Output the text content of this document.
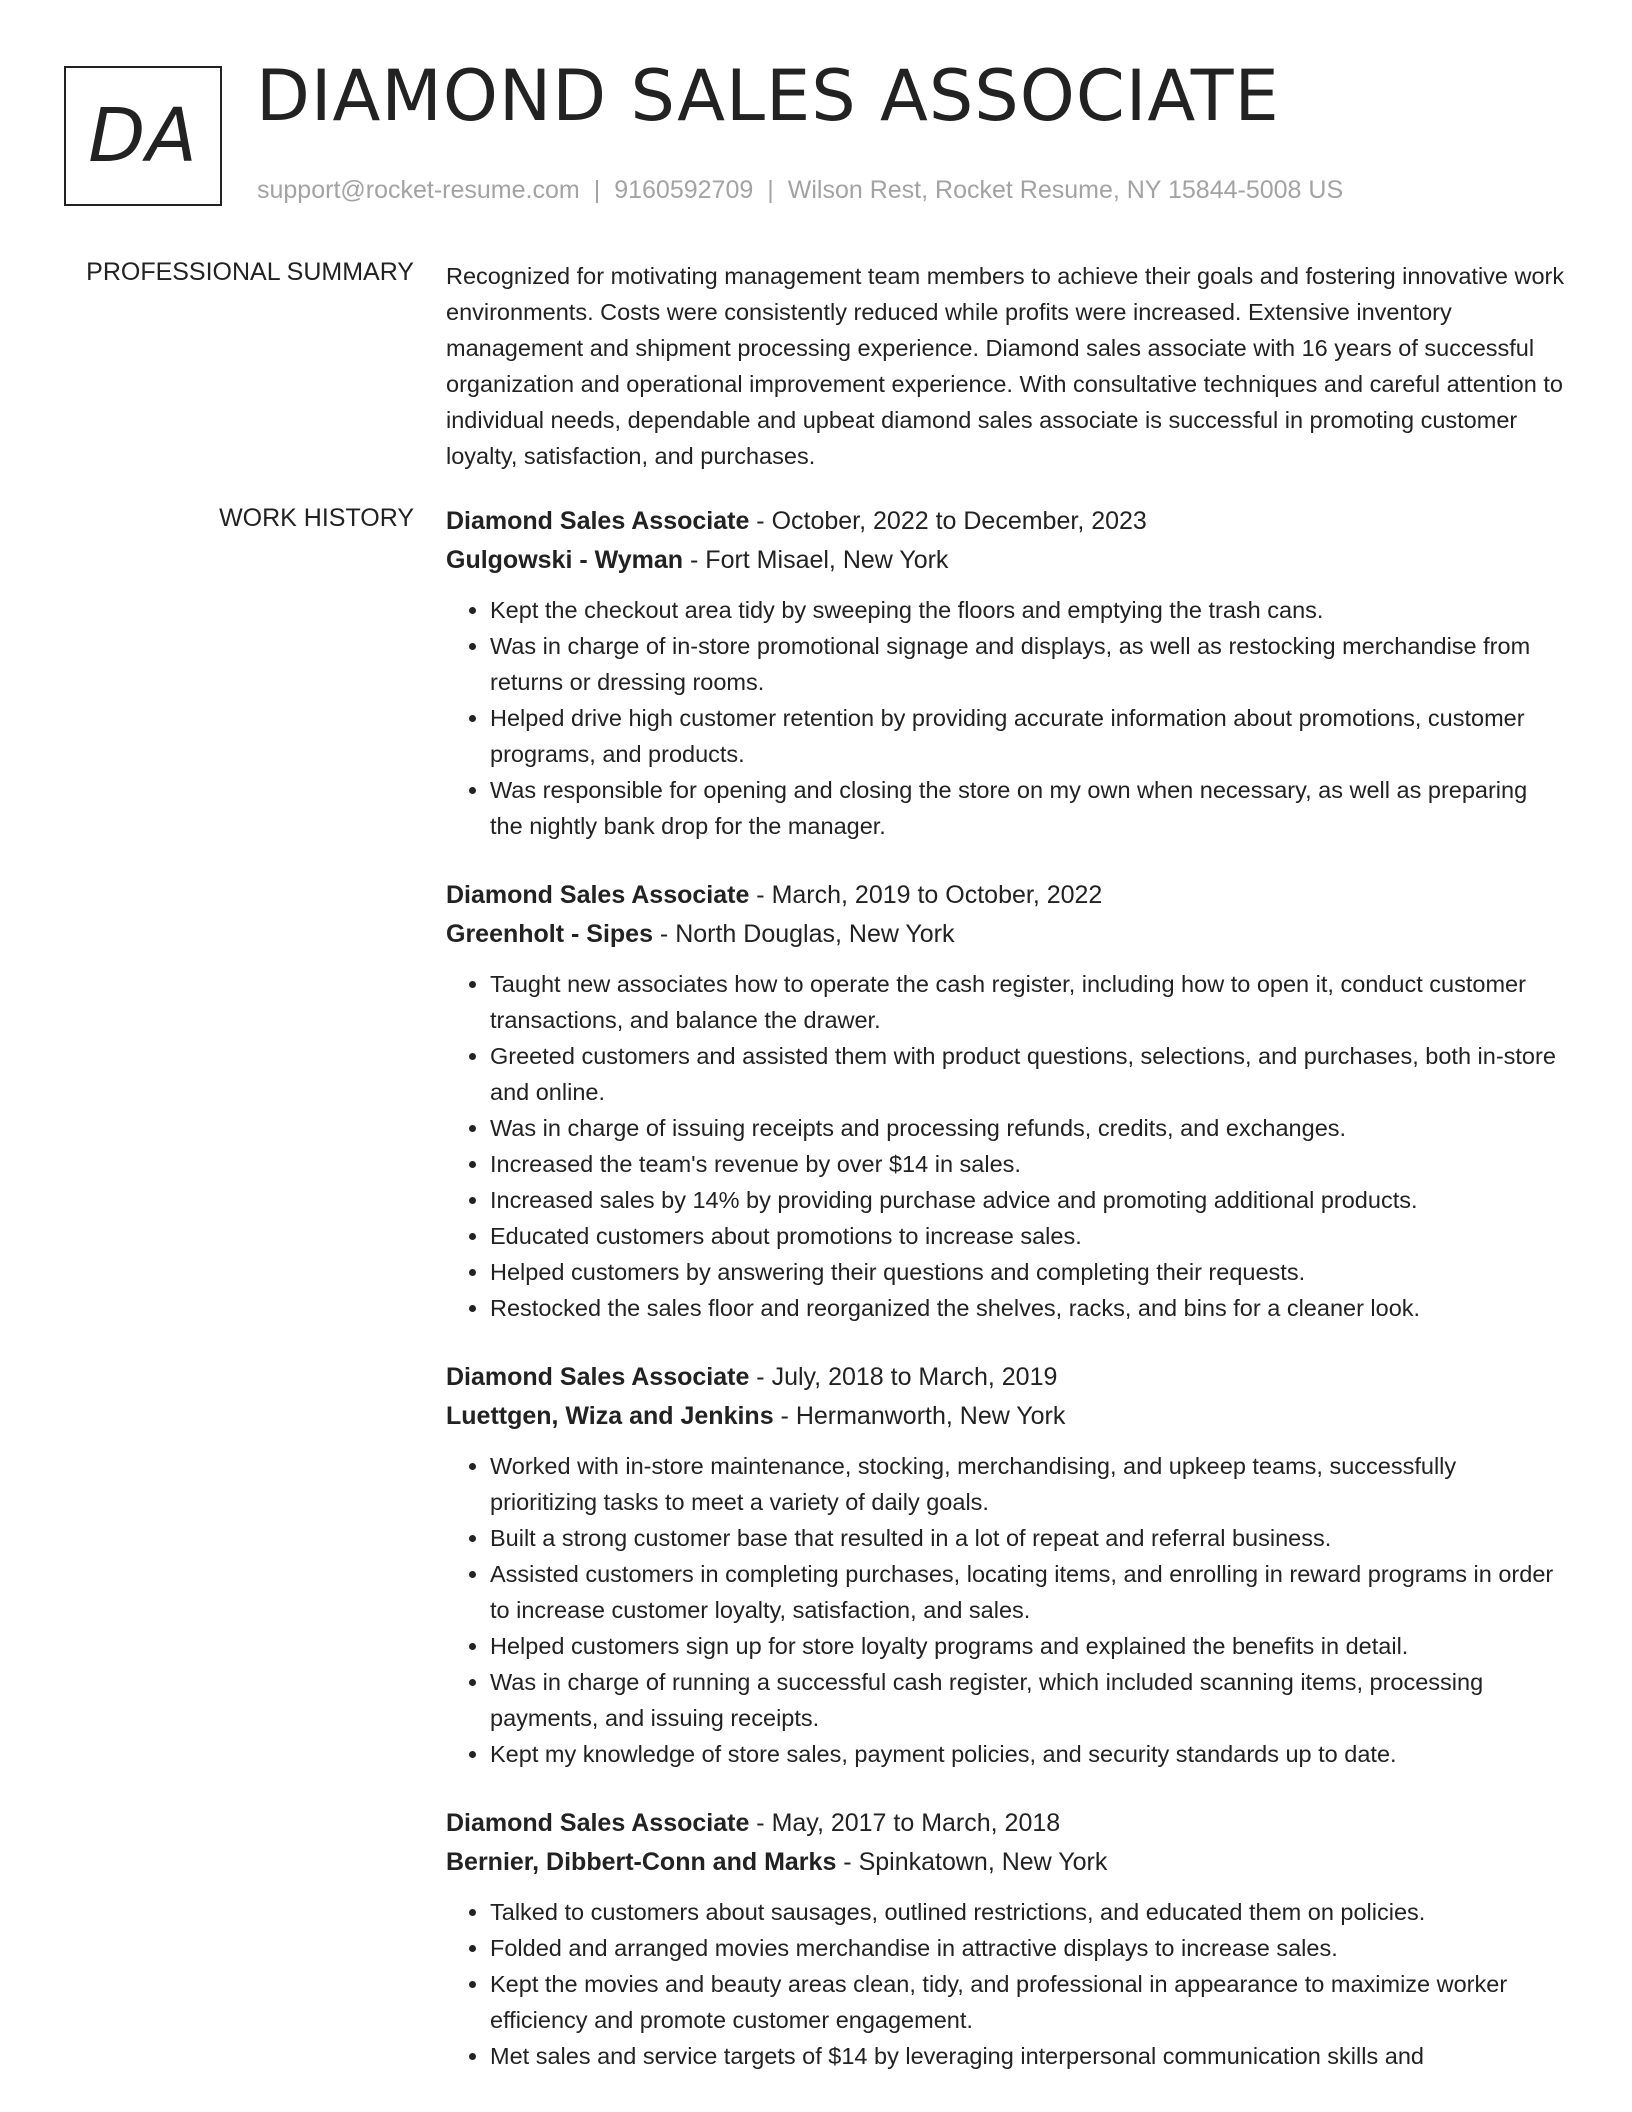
DA DIAMOND SALES ASSOCIATE
support@rocket-resume.com | 9160592709 | Wilson Rest, Rocket Resume, NY 15844-5008 US
PROFESSIONAL SUMMARY Recognized for motivating management team members to achieve their goals and fostering innovative work environments. Costs were consistently reduced while profits were increased. Extensive inventory management and shipment processing experience. Diamond sales associate with 16 years of successful organization and operational improvement experience. With consultative techniques and careful attention to individual needs, dependable and upbeat diamond sales associate is successful in promoting customer loyalty, satisfaction, and purchases.

WORK HISTORY Diamond Sales Associate - October, 2022 to December, 2023
Gulgowski - Wyman - Fort Misael, New York
• Kept the checkout area tidy by sweeping the floors and emptying the trash cans.
• Was in charge of in-store promotional signage and displays, as well as restocking merchandise from returns or dressing rooms.
• Helped drive high customer retention by providing accurate information about promotions, customer programs, and products.
• Was responsible for opening and closing the store on my own when necessary, as well as preparing the nightly bank drop for the manager.
Diamond Sales Associate - March, 2019 to October, 2022
Greenholt - Sipes - North Douglas, New York
• Taught new associates how to operate the cash register, including how to open it, conduct customer transactions, and balance the drawer.
• Greeted customers and assisted them with product questions, selections, and purchases, both in-store and online.
• Was in charge of issuing receipts and processing refunds, credits, and exchanges.
• Increased the team's revenue by over $14 in sales.
• Increased sales by 14% by providing purchase advice and promoting additional products.
• Educated customers about promotions to increase sales.
• Helped customers by answering their questions and completing their requests.
• Restocked the sales floor and reorganized the shelves, racks, and bins for a cleaner look.
Diamond Sales Associate - July, 2018 to March, 2019
Luettgen, Wiza and Jenkins - Hermanworth, New York
• Worked with in-store maintenance, stocking, merchandising, and upkeep teams, successfully prioritizing tasks to meet a variety of daily goals.
• Built a strong customer base that resulted in a lot of repeat and referral business.
• Assisted customers in completing purchases, locating items, and enrolling in reward programs in order to increase customer loyalty, satisfaction, and sales.
• Helped customers sign up for store loyalty programs and explained the benefits in detail.
• Was in charge of running a successful cash register, which included scanning items, processing payments, and issuing receipts.
• Kept my knowledge of store sales, payment policies, and security standards up to date.
Diamond Sales Associate - May, 2017 to March, 2018
Bernier, Dibbert-Conn and Marks - Spinkatown, New York
• Talked to customers about sausages, outlined restrictions, and educated them on policies.
• Folded and arranged movies merchandise in attractive displays to increase sales.
• Kept the movies and beauty areas clean, tidy, and professional in appearance to maximize worker efficiency and promote customer engagement.
• Met sales and service targets of $14 by leveraging interpersonal communication skills and
